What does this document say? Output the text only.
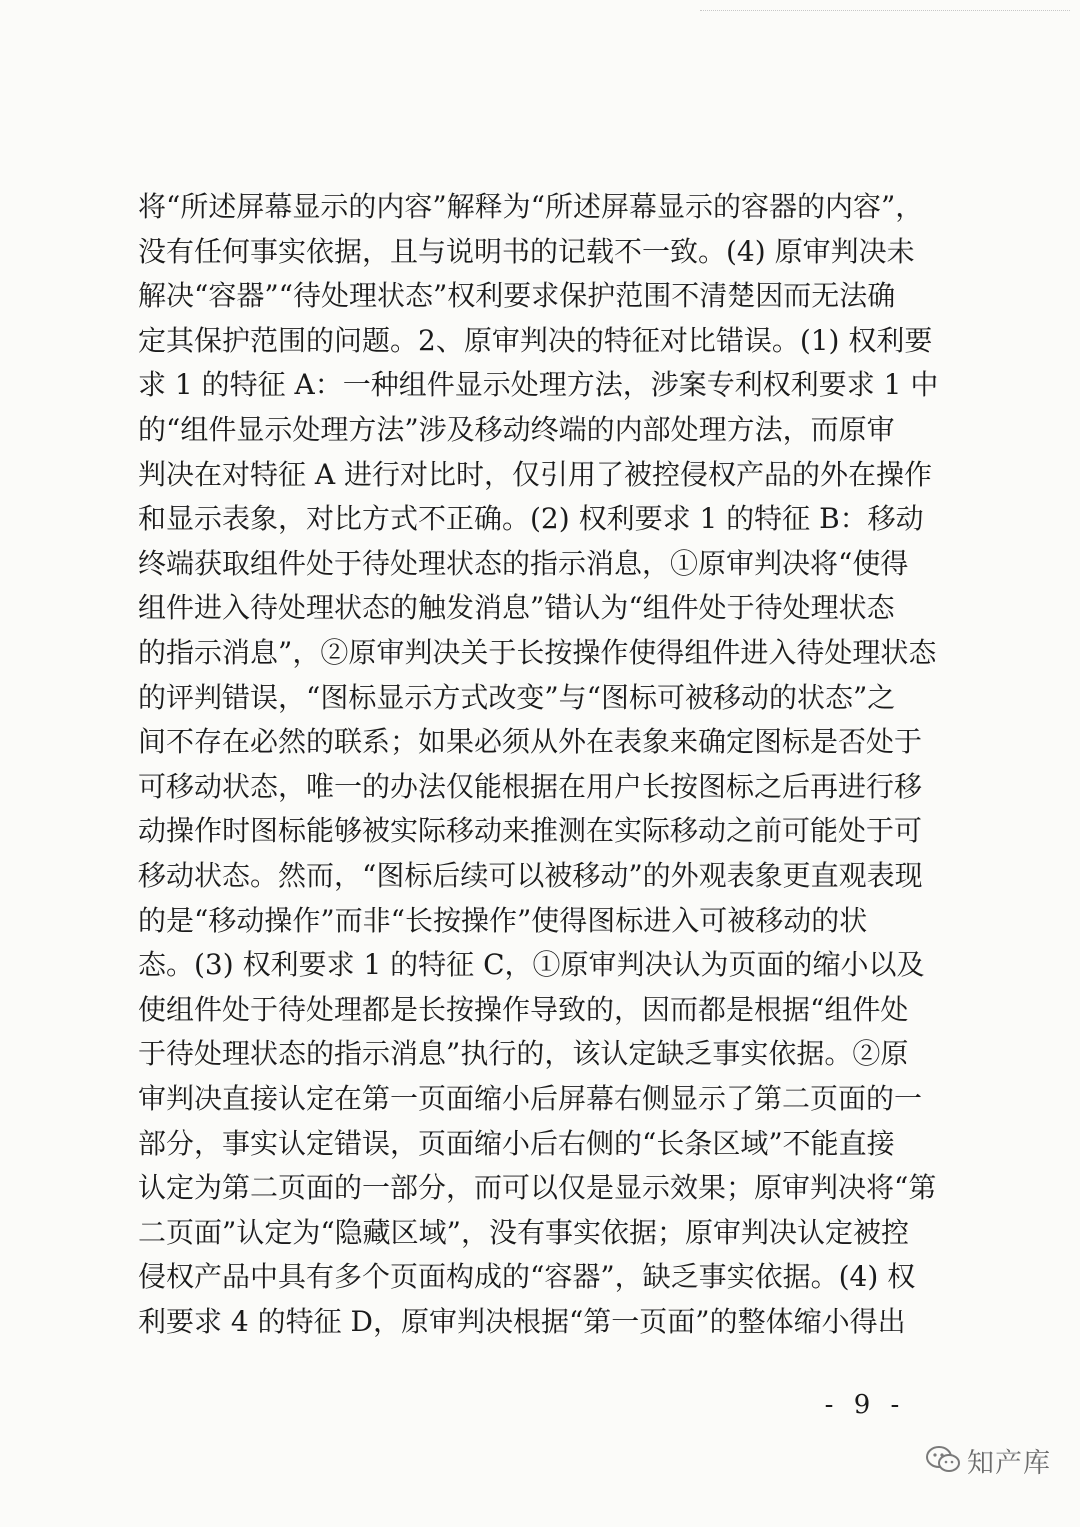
将“所述屏幕显示的内容”解释为“所述屏幕显示的容器的内容”，
没有任何事实依据，且与说明书的记载不一致。(4) 原审判决未
解决“容器”“待处理状态”权利要求保护范围不清楚因而无法确
定其保护范围的问题。2、原审判决的特征对比错误。(1) 权利要
求 1 的特征 A：一种组件显示处理方法，涉案专利权利要求 1 中
的“组件显示处理方法”涉及移动终端的内部处理方法，而原审
判决在对特征 A 进行对比时，仅引用了被控侵权产品的外在操作
和显示表象，对比方式不正确。(2) 权利要求 1 的特征 B：移动
终端获取组件处于待处理状态的指示消息，①原审判决将“使得
组件进入待处理状态的触发消息”错认为“组件处于待处理状态
的指示消息”，②原审判决关于长按操作使得组件进入待处理状态
的评判错误，“图标显示方式改变”与“图标可被移动的状态”之
间不存在必然的联系；如果必须从外在表象来确定图标是否处于
可移动状态，唯一的办法仅能根据在用户长按图标之后再进行移
动操作时图标能够被实际移动来推测在实际移动之前可能处于可
移动状态。然而，“图标后续可以被移动”的外观表象更直观表现
的是“移动操作”而非“长按操作”使得图标进入可被移动的状
态。(3) 权利要求 1 的特征 C，①原审判决认为页面的缩小以及
使组件处于待处理都是长按操作导致的，因而都是根据“组件处
于待处理状态的指示消息”执行的，该认定缺乏事实依据。②原
审判决直接认定在第一页面缩小后屏幕右侧显示了第二页面的一
部分，事实认定错误，页面缩小后右侧的“长条区域”不能直接
认定为第二页面的一部分，而可以仅是显示效果；原审判决将“第
二页面”认定为“隐藏区域”，没有事实依据；原审判决认定被控
侵权产品中具有多个页面构成的“容器”，缺乏事实依据。(4) 权
利要求 4 的特征 D，原审判决根据“第一页面”的整体缩小得出
- 9 -
知产库
